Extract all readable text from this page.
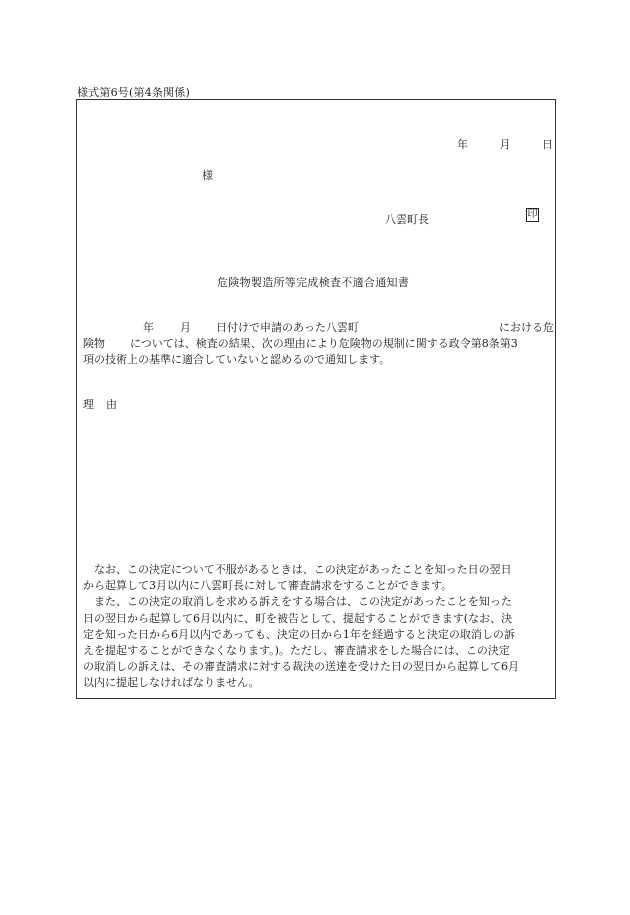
様式第6号(第4条関係)
年	月	日
様
八雲町長	印
危険物製造所等完成検査不適合通知書
年 月 日付けで申請のあった八雲町	における危
険物 については、検査の結果、次の理由により危険物の規制に関する政令第8条第3
項の技術上の基準に適合していないと認めるので通知します。
理 由
　なお、この決定について不服があるときは、この決定があったことを知った日の翌日
から起算して3月以内に八雲町長に対して審査請求をすることができます。
　また、この決定の取消しを求める訴えをする場合は、この決定があったことを知った
日の翌日から起算して6月以内に、町を被告として、提起することができます(なお、決
定を知った日から6月以内であっても、決定の日から1年を経過すると決定の取消しの訴
えを提起することができなくなります。)。ただし、審査請求をした場合には、この決定
の取消しの訴えは、その審査請求に対する裁決の送達を受けた日の翌日から起算して6月
以内に提起しなければなりません。
